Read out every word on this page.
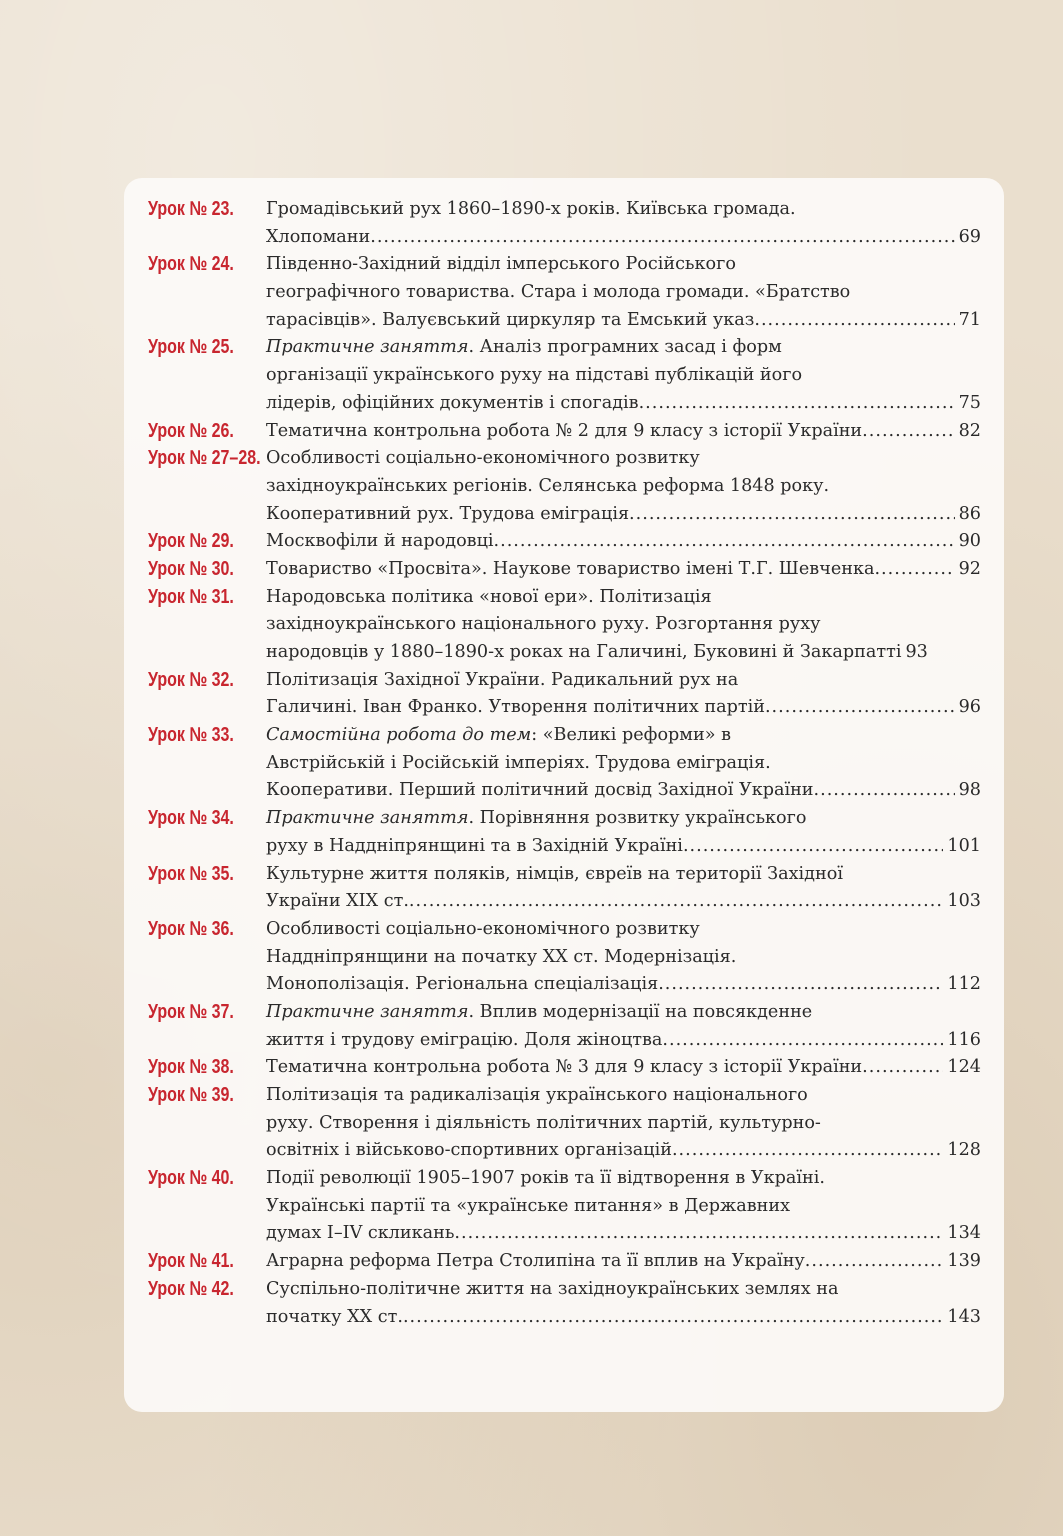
Урок № 23.	Громадівський рух 1860–1890-х років. Київська громада.
Хлопомани .....	69
Урок № 24.	Південно-Західний відділ імперського Російського
географічного товариства. Стара і молода громади. «Братство
тарасівців». Валуєвський циркуляр та Емський указ .....	71
Урок № 25.	Практичне заняття. Аналіз програмних засад і форм
організації українського руху на підставі публікацій його
лідерів, офіційних документів і спогадів .....	75
Урок № 26.	Тематична контрольна робота № 2 для 9 класу з історії України .....	82
Урок № 27–28. Особливості соціально-економічного розвитку
західноукраїнських регіонів. Селянська реформа 1848 року.
Кооперативний рух. Трудова еміграція .....	86
Урок № 29.	Москвофіли й народовці .....	90
Урок № 30.	Товариство «Просвіта». Наукове товариство імені Т.Г. Шевченка .....	92
Урок № 31.	Народовська політика «нової ери». Політизація
західноукраїнського національного руху. Розгортання руху
народовців у 1880–1890-х роках на Галичині, Буковині й Закарпатті 93
Урок № 32.	Політизація Західної України. Радикальний рух на
Галичині. Іван Франко. Утворення політичних партій .....	96
Урок № 33.	Самостійна робота до тем: «Великі реформи» в
Австрійській і Російській імперіях. Трудова еміграція.
Кооперативи. Перший політичний досвід Західної України .....	98
Урок № 34.	Практичне заняття. Порівняння розвитку українського
руху в Наддніпрянщині та в Західній Україні .....	101
Урок № 35.	Культурне життя поляків, німців, євреїв на території Західної
України XIX ст. .....	103
Урок № 36.	Особливості соціально-економічного розвитку
Наддніпрянщини на початку XX ст. Модернізація.
Монополізація. Регіональна спеціалізація .....	112
Урок № 37.	Практичне заняття. Вплив модернізації на повсякденне
життя і трудову еміграцію. Доля жіноцтва .....	116
Урок № 38.	Тематична контрольна робота № 3 для 9 класу з історії України .....	124
Урок № 39.	Політизація та радикалізація українського національного
руху. Створення і діяльність політичних партій, культурно-
освітніх і військово-спортивних організацій .....	128
Урок № 40.	Події революції 1905–1907 років та її відтворення в Україні.
Українські партії та «українське питання» в Державних
думах I–IV скликань .....	134
Урок № 41.	Аграрна реформа Петра Столипіна та її вплив на Україну .....	139
Урок № 42.	Суспільно-політичне життя на західноукраїнських землях на
початку XX ст. .....	143
